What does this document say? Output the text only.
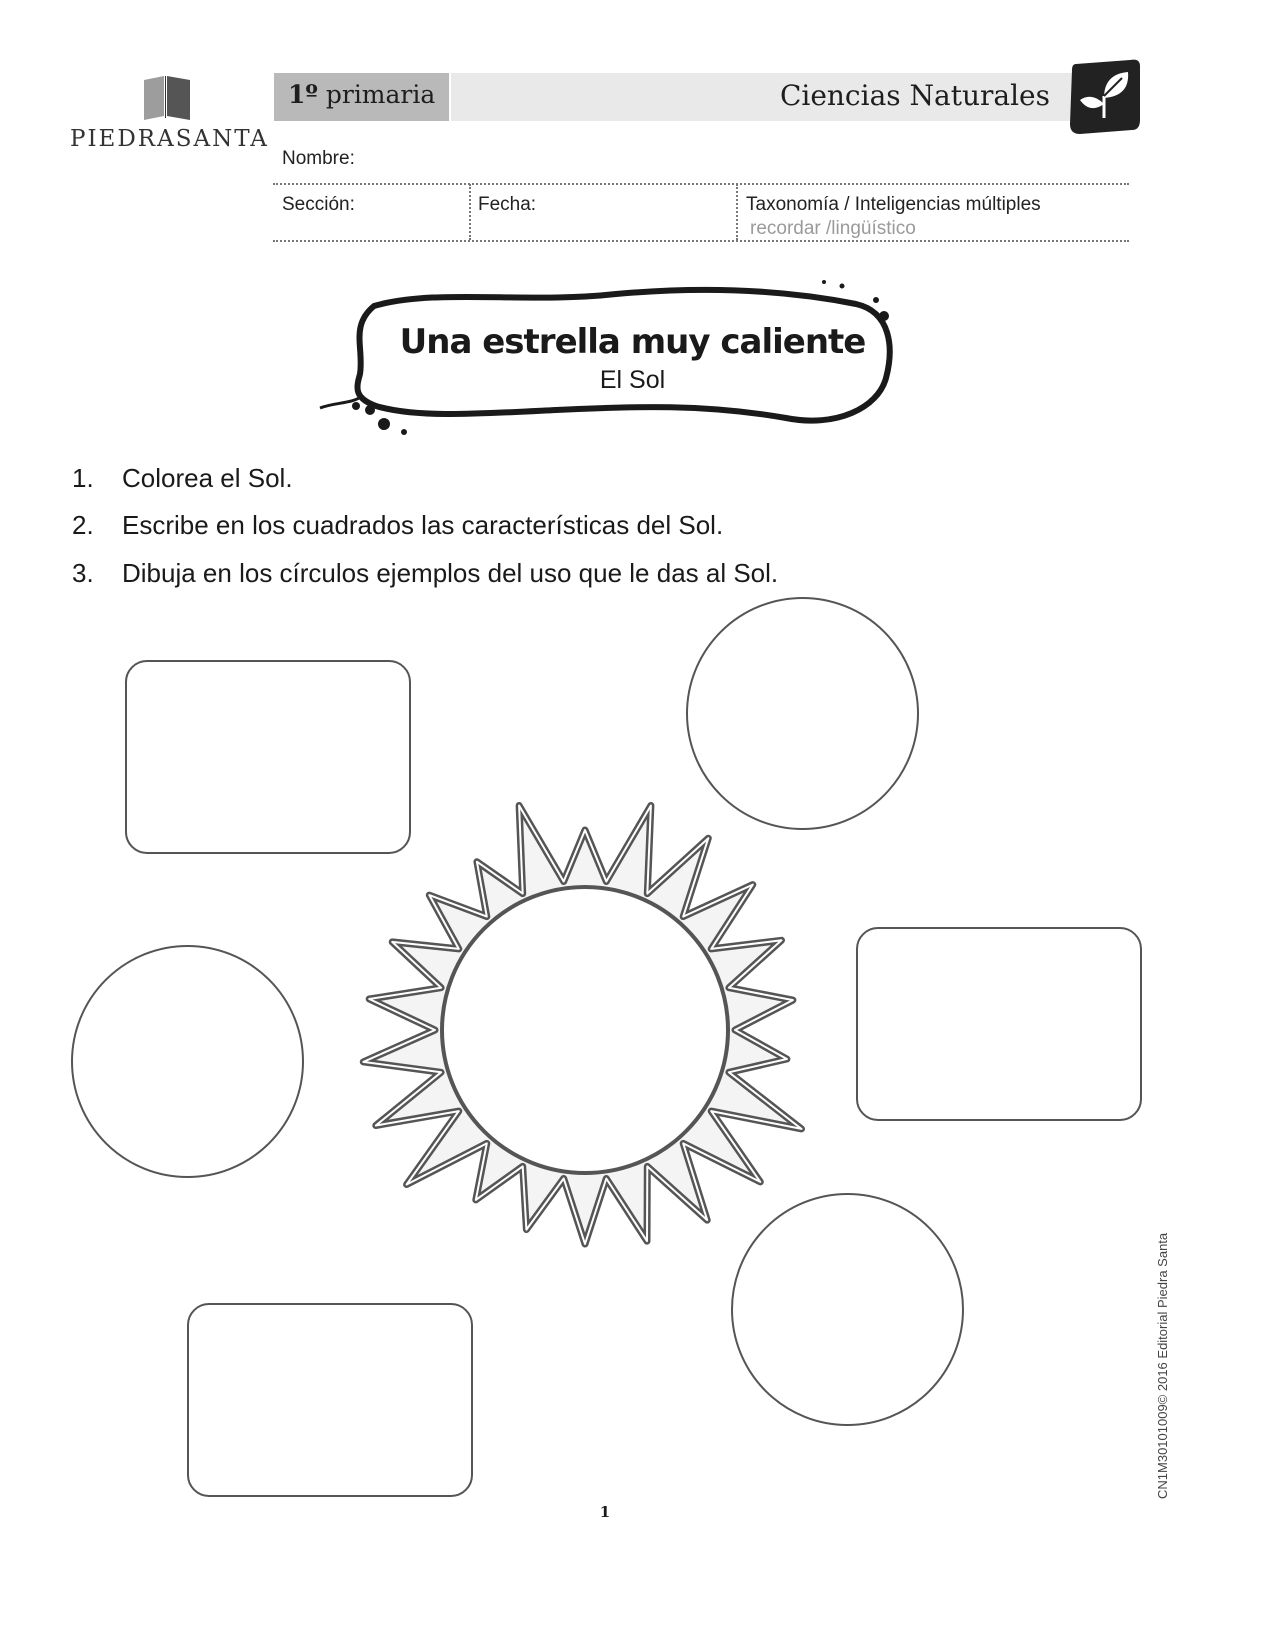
PIEDRASANTA
1º primaria	Ciencias Naturales
Nombre:
Sección:	Fecha:	Taxonomía / Inteligencias múltiples
recordar /lingüístico
Una estrella muy caliente
El Sol
1. Colorea el Sol.
2. Escribe en los cuadrados las características del Sol.
3. Dibuja en los círculos ejemplos del uso que le das al Sol.
1
CN1M30101009© 2016 Editorial Piedra Santa
